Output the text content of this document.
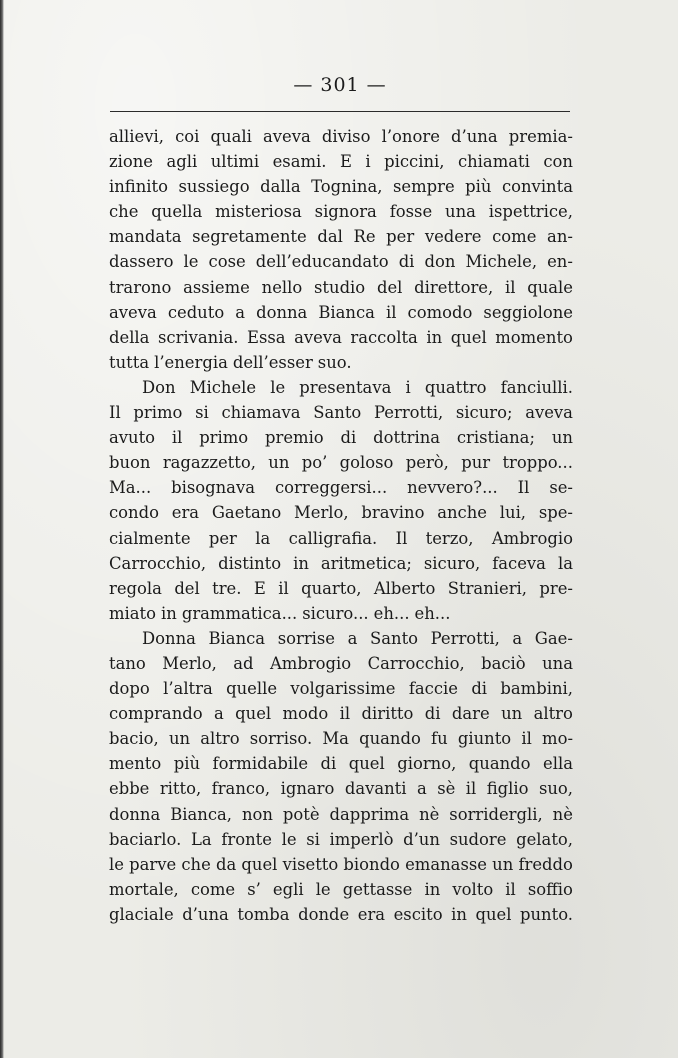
— 301 —
allievi, coi quali aveva diviso l’onore d’una premia-
zione agli ultimi esami. E i piccini, chiamati con
infinito sussiego dalla Tognina, sempre più convinta
che quella misteriosa signora fosse una ispettrice,
mandata segretamente dal Re per vedere come an-
dassero le cose dell’educandato di don Michele, en-
trarono assieme nello studio del direttore, il quale
aveva ceduto a donna Bianca il comodo seggiolone
della scrivania. Essa aveva raccolta in quel momento
tutta l’energia dell’esser suo.
Don Michele le presentava i quattro fanciulli.
Il primo si chiamava Santo Perrotti, sicuro; aveva
avuto il primo premio di dottrina cristiana; un
buon ragazzetto, un po’ goloso però, pur troppo...
Ma... bisognava correggersi... nevvero?... Il se-
condo era Gaetano Merlo, bravino anche lui, spe-
cialmente per la calligrafia. Il terzo, Ambrogio
Carrocchio, distinto in aritmetica; sicuro, faceva la
regola del tre. E il quarto, Alberto Stranieri, pre-
miato in grammatica... sicuro... eh... eh...
Donna Bianca sorrise a Santo Perrotti, a Gae-
tano Merlo, ad Ambrogio Carrocchio, baciò una
dopo l’altra quelle volgarissime faccie di bambini,
comprando a quel modo il diritto di dare un altro
bacio, un altro sorriso. Ma quando fu giunto il mo-
mento più formidabile di quel giorno, quando ella
ebbe ritto, franco, ignaro davanti a sè il figlio suo,
donna Bianca, non potè dapprima nè sorridergli, nè
baciarlo. La fronte le si imperlò d’un sudore gelato,
le parve che da quel visetto biondo emanasse un freddo
mortale, come s’ egli le gettasse in volto il soffio
glaciale d’una tomba donde era escito in quel punto.
